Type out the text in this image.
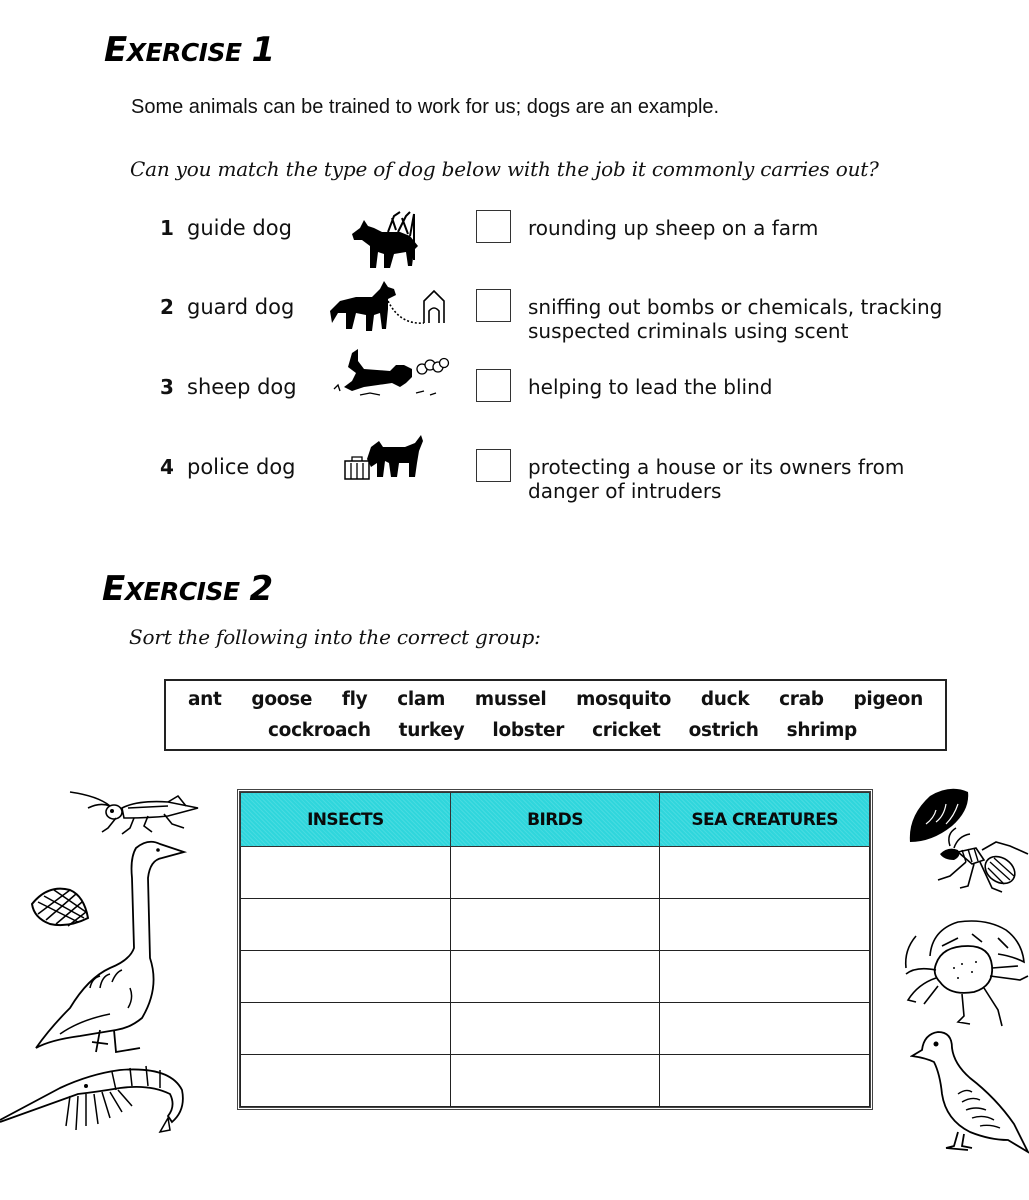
EXERCISE 1
Some animals can be trained to work for us; dogs are an example.
Can you match the type of dog below with the job it commonly carries out?
1 guide dog	rounding up sheep on a farm
2 guard dog	sniffing out bombs or chemicals, tracking
suspected criminals using scent
3 sheep dog	helping to lead the blind
4 police dog	protecting a house or its owners from
danger of intruders
EXERCISE 2
Sort the following into the correct group:
ant goose fly clam mussel mosquito duck crab pigeon
cockroach turkey lobster cricket ostrich shrimp
INSECTS	BIRDS	SEA CREATURES
